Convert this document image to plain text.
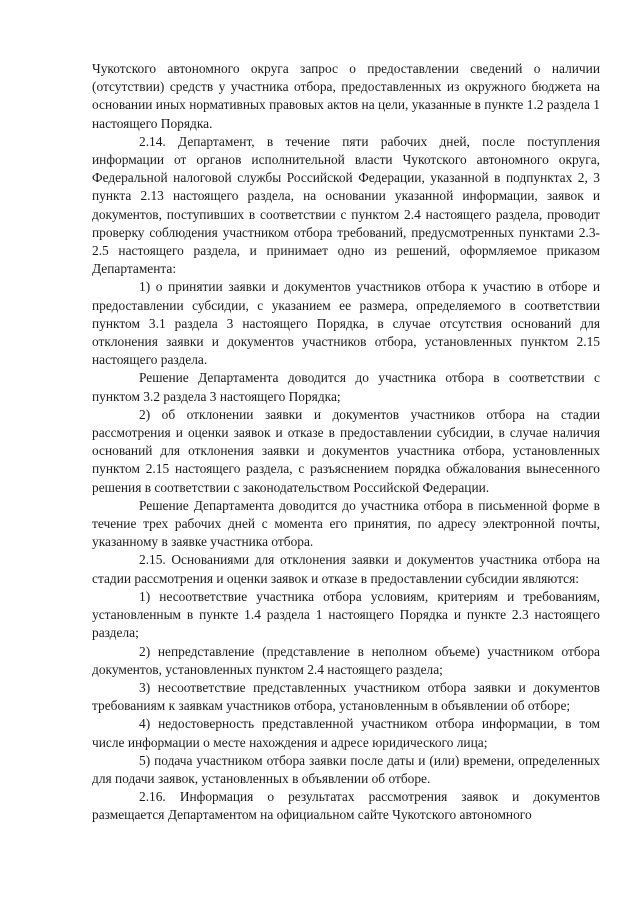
Чукотского автономного округа запрос о предоставлении сведений о наличии (отсутствии) средств у участника отбора, предоставленных из окружного бюджета на основании иных нормативных правовых актов на цели, указанные в пункте 1.2 раздела 1 настоящего Порядка.

2.14. Департамент, в течение пяти рабочих дней, после поступления информации от органов исполнительной власти Чукотского автономного округа, Федеральной налоговой службы Российской Федерации, указанной в подпунктах 2, 3 пункта 2.13 настоящего раздела, на основании указанной информации, заявок и документов, поступивших в соответствии с пунктом 2.4 настоящего раздела, проводит проверку соблюдения участником отбора требований, предусмотренных пунктами 2.3-2.5 настоящего раздела, и принимает одно из решений, оформляемое приказом Департамента:

1) о принятии заявки и документов участников отбора к участию в отборе и предоставлении субсидии, с указанием ее размера, определяемого в соответствии пунктом 3.1 раздела 3 настоящего Порядка, в случае отсутствия оснований для отклонения заявки и документов участников отбора, установленных пунктом 2.15 настоящего раздела.

Решение Департамента доводится до участника отбора в соответствии с пунктом 3.2 раздела 3 настоящего Порядка;

2) об отклонении заявки и документов участников отбора на стадии рассмотрения и оценки заявок и отказе в предоставлении субсидии, в случае наличия оснований для отклонения заявки и документов участника отбора, установленных пунктом 2.15 настоящего раздела, с разъяснением порядка обжалования вынесенного решения в соответствии с законодательством Российской Федерации.

Решение Департамента доводится до участника отбора в письменной форме в течение трех рабочих дней с момента его принятия, по адресу электронной почты, указанному в заявке участника отбора.

2.15. Основаниями для отклонения заявки и документов участника отбора на стадии рассмотрения и оценки заявок и отказе в предоставлении субсидии являются:

1) несоответствие участника отбора условиям, критериям и требованиям, установленным в пункте 1.4 раздела 1 настоящего Порядка и пункте 2.3 настоящего раздела;

2) непредставление (представление в неполном объеме) участником отбора документов, установленных пунктом 2.4 настоящего раздела;

3) несоответствие представленных участником отбора заявки и документов требованиям к заявкам участников отбора, установленным в объявлении об отборе;

4) недостоверность представленной участником отбора информации, в том числе информации о месте нахождения и адресе юридического лица;

5) подача участником отбора заявки после даты и (или) времени, определенных для подачи заявок, установленных в объявлении об отборе.

2.16. Информация о результатах рассмотрения заявок и документов размещается Департаментом на официальном сайте Чукотского автономного
